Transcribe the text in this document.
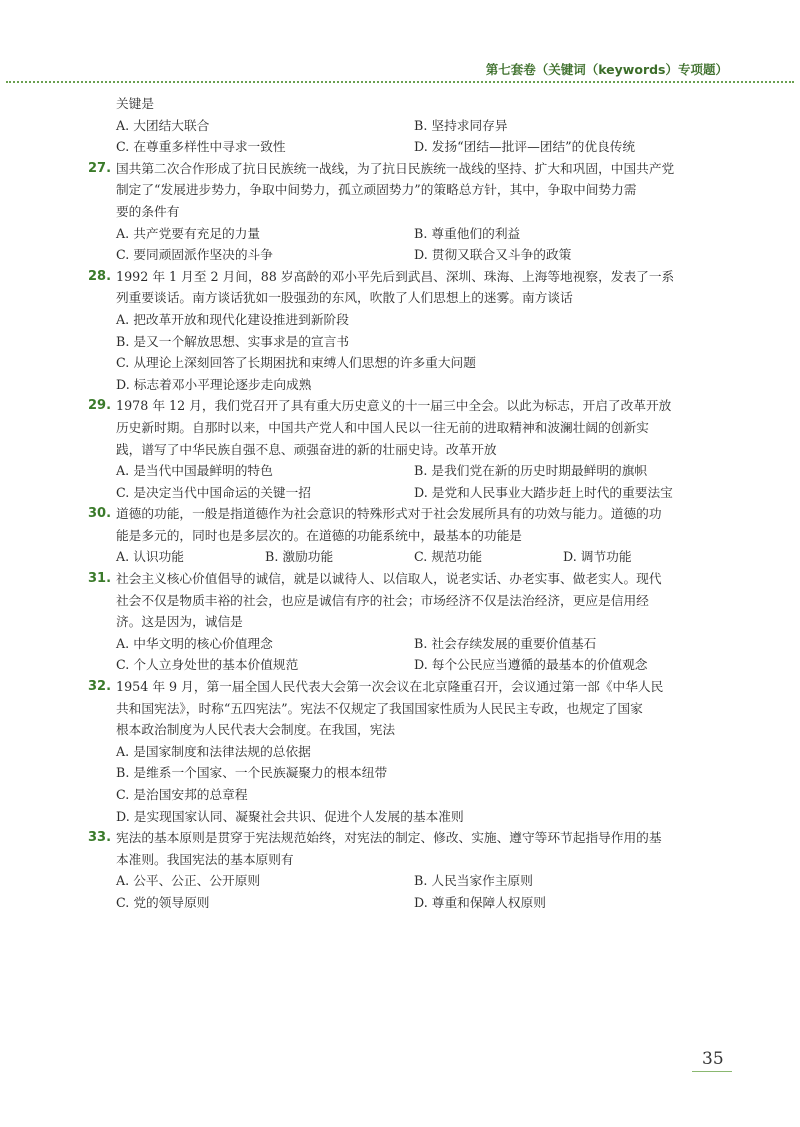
第七套卷（关键词（keywords）专项题）
关键是
A. 大团结大联合	B. 坚持求同存异
C. 在尊重多样性中寻求一致性	D. 发扬“团结—批评—团结”的优良传统
27. 国共第二次合作形成了抗日民族统一战线，为了抗日民族统一战线的坚持、扩大和巩固，中国共产党
制定了“发展进步势力，争取中间势力，孤立顽固势力”的策略总方针，其中，争取中间势力需
要的条件有
A. 共产党要有充足的力量	B. 尊重他们的利益
C. 要同顽固派作坚决的斗争	D. 贯彻又联合又斗争的政策
28. 1992 年 1 月至 2 月间，88 岁高龄的邓小平先后到武昌、深圳、珠海、上海等地视察，发表了一系
列重要谈话。南方谈话犹如一股强劲的东风，吹散了人们思想上的迷雾。南方谈话
A. 把改革开放和现代化建设推进到新阶段
B. 是又一个解放思想、实事求是的宣言书
C. 从理论上深刻回答了长期困扰和束缚人们思想的许多重大问题
D. 标志着邓小平理论逐步走向成熟
29. 1978 年 12 月，我们党召开了具有重大历史意义的十一届三中全会。以此为标志，开启了改革开放
历史新时期。自那时以来，中国共产党人和中国人民以一往无前的进取精神和波澜壮阔的创新实
践，谱写了中华民族自强不息、顽强奋进的新的壮丽史诗。改革开放
A. 是当代中国最鲜明的特色	B. 是我们党在新的历史时期最鲜明的旗帜
C. 是决定当代中国命运的关键一招	D. 是党和人民事业大踏步赶上时代的重要法宝
30. 道德的功能，一般是指道德作为社会意识的特殊形式对于社会发展所具有的功效与能力。道德的功
能是多元的，同时也是多层次的。在道德的功能系统中，最基本的功能是
A. 认识功能	B. 激励功能	C. 规范功能	D. 调节功能
31. 社会主义核心价值倡导的诚信，就是以诚待人、以信取人，说老实话、办老实事、做老实人。现代
社会不仅是物质丰裕的社会，也应是诚信有序的社会；市场经济不仅是法治经济，更应是信用经
济。这是因为，诚信是
A. 中华文明的核心价值理念	B. 社会存续发展的重要价值基石
C. 个人立身处世的基本价值规范	D. 每个公民应当遵循的最基本的价值观念
32. 1954 年 9 月，第一届全国人民代表大会第一次会议在北京隆重召开，会议通过第一部《中华人民
共和国宪法》，时称“五四宪法”。宪法不仅规定了我国国家性质为人民民主专政，也规定了国家
根本政治制度为人民代表大会制度。在我国，宪法
A. 是国家制度和法律法规的总依据
B. 是维系一个国家、一个民族凝聚力的根本纽带
C. 是治国安邦的总章程
D. 是实现国家认同、凝聚社会共识、促进个人发展的基本准则
33. 宪法的基本原则是贯穿于宪法规范始终，对宪法的制定、修改、实施、遵守等环节起指导作用的基
本准则。我国宪法的基本原则有
A. 公平、公正、公开原则	B. 人民当家作主原则
C. 党的领导原则	D. 尊重和保障人权原则
35
